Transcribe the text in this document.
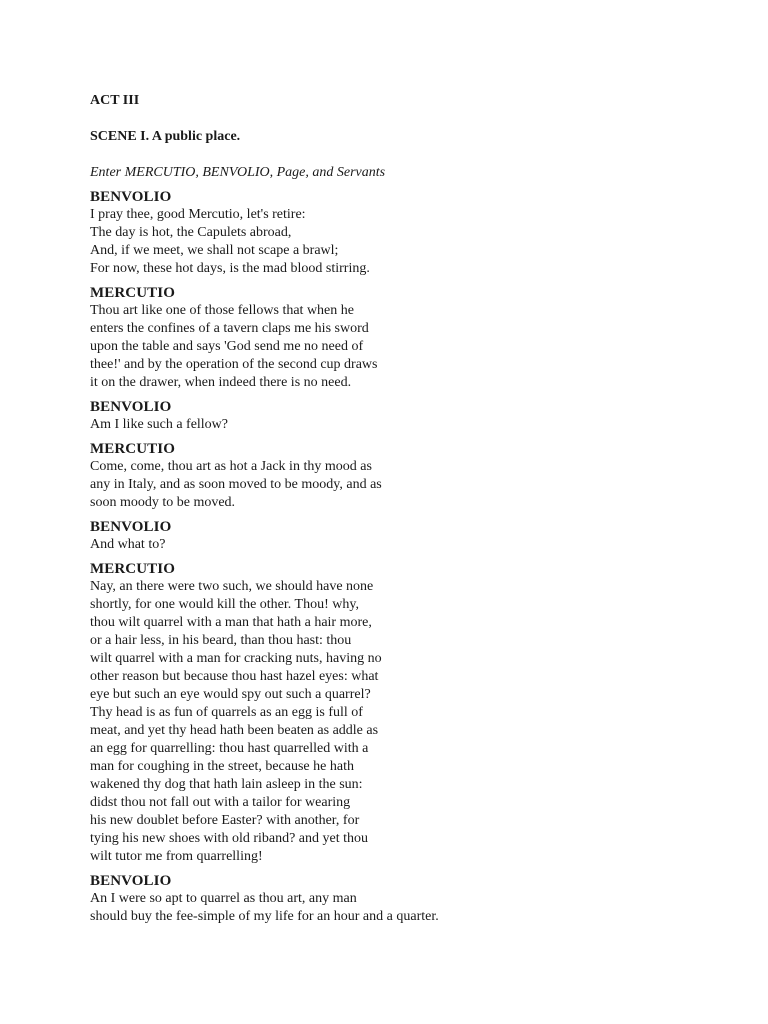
ACT III
SCENE I. A public place.
Enter MERCUTIO, BENVOLIO, Page, and Servants
BENVOLIO
I pray thee, good Mercutio, let's retire:
The day is hot, the Capulets abroad,
And, if we meet, we shall not scape a brawl;
For now, these hot days, is the mad blood stirring.
MERCUTIO
Thou art like one of those fellows that when he
enters the confines of a tavern claps me his sword
upon the table and says 'God send me no need of
thee!' and by the operation of the second cup draws
it on the drawer, when indeed there is no need.
BENVOLIO
Am I like such a fellow?
MERCUTIO
Come, come, thou art as hot a Jack in thy mood as
any in Italy, and as soon moved to be moody, and as
soon moody to be moved.
BENVOLIO
And what to?
MERCUTIO
Nay, an there were two such, we should have none
shortly, for one would kill the other. Thou! why,
thou wilt quarrel with a man that hath a hair more,
or a hair less, in his beard, than thou hast: thou
wilt quarrel with a man for cracking nuts, having no
other reason but because thou hast hazel eyes: what
eye but such an eye would spy out such a quarrel?
Thy head is as fun of quarrels as an egg is full of
meat, and yet thy head hath been beaten as addle as
an egg for quarrelling: thou hast quarrelled with a
man for coughing in the street, because he hath
wakened thy dog that hath lain asleep in the sun:
didst thou not fall out with a tailor for wearing
his new doublet before Easter? with another, for
tying his new shoes with old riband? and yet thou
wilt tutor me from quarrelling!
BENVOLIO
An I were so apt to quarrel as thou art, any man
should buy the fee-simple of my life for an hour and a quarter.
